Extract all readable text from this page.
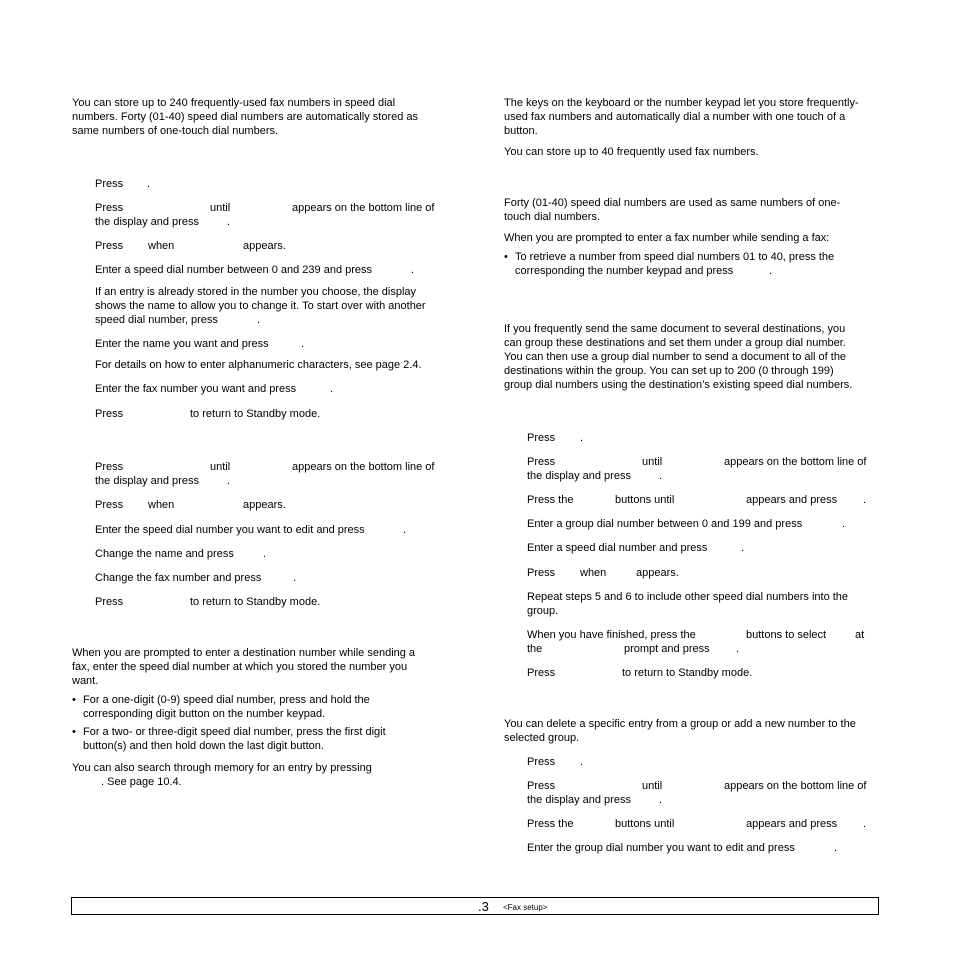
You can store up to 240 frequently-used fax numbers in speed dial

numbers. Forty (01-40) speed dial numbers are automatically stored as

same numbers of one-touch dial numbers.

Press .

Press	until	appears on the bottom line of

the display and press	.

Press when	appears.

Enter a speed dial number between 0 and 239 and press	.

If an entry is already stored in the number you choose, the display

shows the name to allow you to change it. To start over with another

speed dial number, press	.

Enter the name you want and press	.

For details on how to enter alphanumeric characters, see page 2.4.

Enter the fax number you want and press	.

Press	to return to Standby mode.

Press	until	appears on the bottom line of

the display and press	.

Press when	appears.

Enter the speed dial number you want to edit and press	.

Change the name and press	.

Change the fax number and press	.

Press	to return to Standby mode.

When you are prompted to enter a destination number while sending a

fax, enter the speed dial number at which you stored the number you

want.

• For a one-digit (0-9) speed dial number, press and hold the

corresponding digit button on the number keypad.

• For a two- or three-digit speed dial number, press the first digit

button(s) and then hold down the last digit button.

You can also search through memory for an entry by pressing

. See page 10.4.

The keys on the keyboard or the number keypad let you store frequently-

used fax numbers and automatically dial a number with one touch of a

button.

You can store up to 40 frequently used fax numbers.

Forty (01-40) speed dial numbers are used as same numbers of one-

touch dial numbers.

When you are prompted to enter a fax number while sending a fax:

• To retrieve a number from speed dial numbers 01 to 40, press the

corresponding the number keypad and press	.

If you frequently send the same document to several destinations, you

can group these destinations and set them under a group dial number.

You can then use a group dial number to send a document to all of the

destinations within the group. You can set up to 200 (0 through 199)

group dial numbers using the destination’s existing speed dial numbers.

Press .

Press	until	appears on the bottom line of

the display and press	.

Press the	buttons until	appears and press .

Enter a group dial number between 0 and 199 and press	.

Enter a speed dial number and press	.

Press when	appears.

Repeat steps 5 and 6 to include other speed dial numbers into the

group.

When you have finished, press the	buttons to select	at

the	prompt and press .

Press	to return to Standby mode.

You can delete a specific entry from a group or add a new number to the

selected group.

Press .

Press	until	appears on the bottom line of

the display and press	.

Press the	buttons until	appears and press .

Enter the group dial number you want to edit and press	.

.3 <Fax setup>
